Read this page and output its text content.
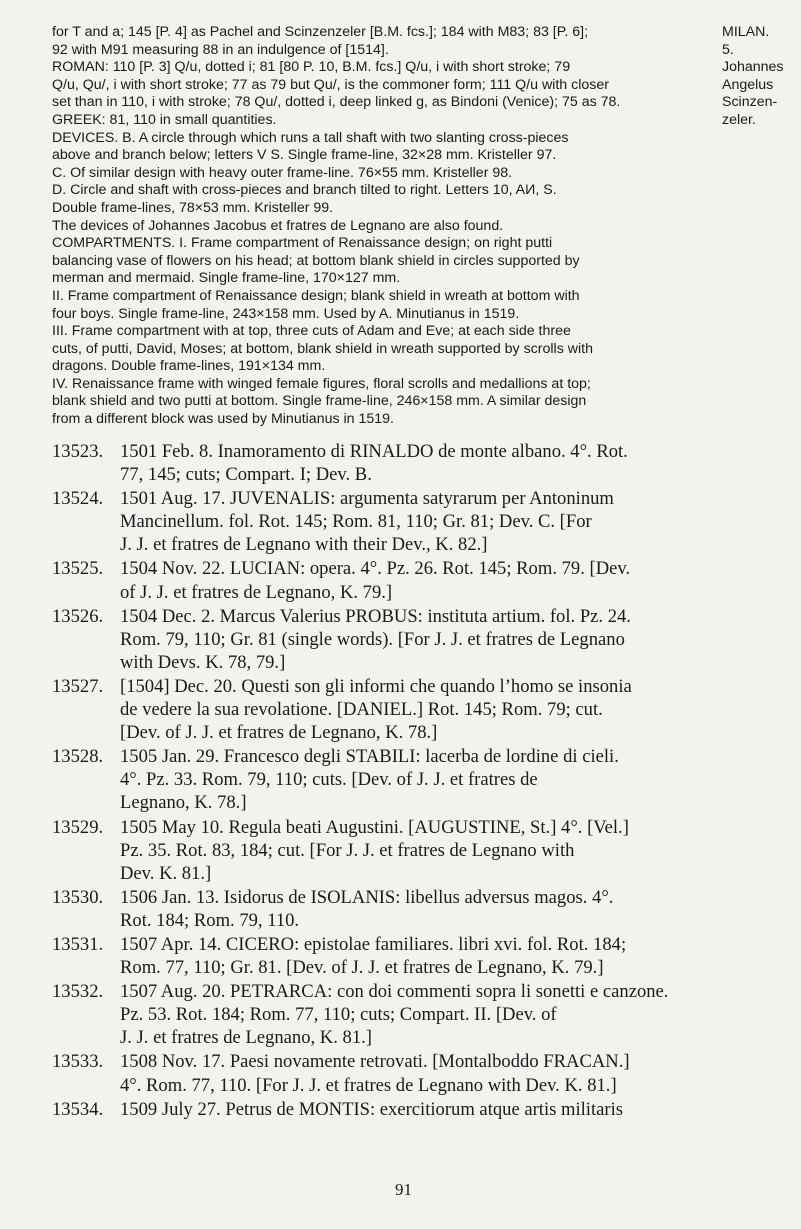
MILAN.
5. Johannes
Angelus
Scinzen-
zeler.

for T and a; 145 [P. 4] as Pachel and Scinzenzeler [B.M. fcs.]; 184 with M83; 83 [P. 6];

92 with M91 measuring 88 in an indulgence of [1514].

ROMAN: 110 [P. 3] Q/u, dotted i; 81 [80 P. 10, B.M. fcs.] Q/u, i with short stroke; 79

Q/u, Qu/, i with short stroke; 77 as 79 but Qu/, is the commoner form; 111 Q/u with closer

set than in 110, i with stroke; 78 Qu/, dotted i, deep linked g, as Bindoni (Venice); 75 as 78.

GREEK: 81, 110 in small quantities.

DEVICES. B. A circle through which runs a tall shaft with two slanting cross-pieces

above and branch below; letters V S. Single frame-line, 32×28 mm. Kristeller 97.

C. Of similar design with heavy outer frame-line. 76×55 mm. Kristeller 98.

D. Circle and shaft with cross-pieces and branch tilted to right. Letters 10, AИ, S.

Double frame-lines, 78×53 mm. Kristeller 99.

The devices of Johannes Jacobus et fratres de Legnano are also found.

COMPARTMENTS. I. Frame compartment of Renaissance design; on right putti

balancing vase of flowers on his head; at bottom blank shield in circles supported by

merman and mermaid. Single frame-line, 170×127 mm.

II. Frame compartment of Renaissance design; blank shield in wreath at bottom with

four boys. Single frame-line, 243×158 mm. Used by A. Minutianus in 1519.

III. Frame compartment with at top, three cuts of Adam and Eve; at each side three

cuts, of putti, David, Moses; at bottom, blank shield in wreath supported by scrolls with

dragons. Double frame-lines, 191×134 mm.

IV. Renaissance frame with winged female figures, floral scrolls and medallions at top;

blank shield and two putti at bottom. Single frame-line, 246×158 mm. A similar design

from a different block was used by Minutianus in 1519.

13523. 1501 Feb. 8. Inamoramento di RINALDO de monte albano. 4°. Rot.
77, 145; cuts; Compart. I; Dev. B.
13524. 1501 Aug. 17. JUVENALIS: argumenta satyrarum per Antoninum
Mancinellum. fol. Rot. 145; Rom. 81, 110; Gr. 81; Dev. C. [For
J. J. et fratres de Legnano with their Dev., K. 82.]
13525. 1504 Nov. 22. LUCIAN: opera. 4°. Pz. 26. Rot. 145; Rom. 79. [Dev.
of J. J. et fratres de Legnano, K. 79.]
13526. 1504 Dec. 2. Marcus Valerius PROBUS: instituta artium. fol. Pz. 24.
Rom. 79, 110; Gr. 81 (single words). [For J. J. et fratres de Legnano
with Devs. K. 78, 79.]
13527. [1504] Dec. 20. Questi son gli informi che quando l’homo se insonia
de vedere la sua revolatione. [DANIEL.] Rot. 145; Rom. 79; cut.
[Dev. of J. J. et fratres de Legnano, K. 78.]
13528. 1505 Jan. 29. Francesco degli STABILI: lacerba de lordine di cieli.
4°. Pz. 33. Rom. 79, 110; cuts. [Dev. of J. J. et fratres de
Legnano, K. 78.]
13529. 1505 May 10. Regula beati Augustini. [AUGUSTINE, St.] 4°. [Vel.]
Pz. 35. Rot. 83, 184; cut. [For J. J. et fratres de Legnano with
Dev. K. 81.]
13530. 1506 Jan. 13. Isidorus de ISOLANIS: libellus adversus magos. 4°.
Rot. 184; Rom. 79, 110.
13531. 1507 Apr. 14. CICERO: epistolae familiares. libri xvi. fol. Rot. 184;
Rom. 77, 110; Gr. 81. [Dev. of J. J. et fratres de Legnano, K. 79.]
13532. 1507 Aug. 20. PETRARCA: con doi commenti sopra li sonetti e canzone.
Pz. 53. Rot. 184; Rom. 77, 110; cuts; Compart. II. [Dev. of
J. J. et fratres de Legnano, K. 81.]
13533. 1508 Nov. 17. Paesi novamente retrovati. [Montalboddo FRACAN.]
4°. Rom. 77, 110. [For J. J. et fratres de Legnano with Dev. K. 81.]
13534. 1509 July 27. Petrus de MONTIS: exercitiorum atque artis militaris
91
